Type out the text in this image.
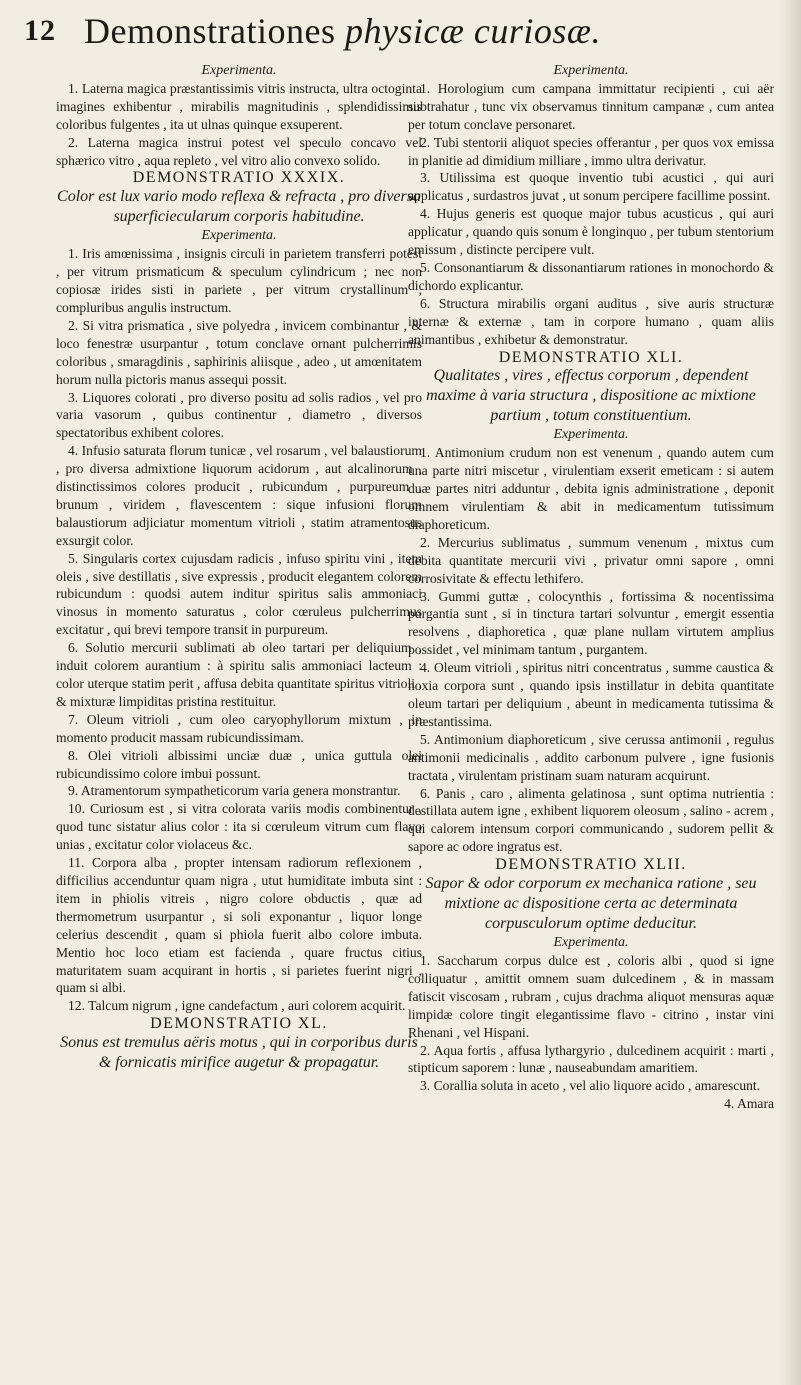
12 Demonstrationes physicæ curiosæ.

Experimenta.

1. Laterna magica præstantissimis vitris instructa, ultra octoginta imagines exhibentur , mirabilis magnitudinis , splendidissimis coloribus fulgentes , ita ut ulnas quinque exsuperent.

2. Laterna magica instrui potest vel speculo concavo vel sphærico vitro , aqua repleto , vel vitro alio convexo solido.

DEMONSTRATIO XXXIX.

Color est lux vario modo reflexa & refracta , pro diversa superficiecularum corporis habitudine.

Experimenta.

1. Iris amœnissima , insignis circuli in parietem transferri potest , per vitrum prismaticum & speculum cylindricum ; nec non copiosæ irides sisti in pariete , per vitrum crystallinum , compluribus angulis instructum.

2. Si vitra prismatica , sive polyedra , invicem combinantur , & loco fenestræ usurpantur , totum conclave ornant pulcherrimis coloribus , smaragdinis , saphirinis aliisque , adeo , ut amœnitatem horum nulla pictoris manus assequi possit.

3. Liquores colorati , pro diverso positu ad solis radios , vel pro varia vasorum , quibus continentur , diametro , diversos spectatoribus exhibent colores.

4. Infusio saturata florum tunicæ , vel rosarum , vel balaustiorum , pro diversa admixtione liquorum acidorum , aut alcalinorum , distinctissimos colores producit , rubicundum , purpureum , brunum , viridem , flavescentem : sique infusioni florum balaustiorum adjiciatur momentum vitrioli , statim atramentosus exsurgit color.

5. Singularis cortex cujusdam radicis , infuso spiritu vini , item oleis , sive destillatis , sive expressis , producit elegantem colorem rubicundum : quodsi autem inditur spiritus salis ammoniaci vinosus in momento saturatus , color cœruleus pulcherrimus excitatur , qui brevi tempore transit in purpureum.

6. Solutio mercurii sublimati ab oleo tartari per deliquium , induit colorem aurantium : à spiritu salis ammoniaci lacteum : color uterque statim perit , affusa debita quantitate spiritus vitrioli , & mixturæ limpiditas pristina restituitur.

7. Oleum vitrioli , cum oleo caryophyllorum mixtum , in momento producit massam rubicundissimam.

8. Olei vitrioli albissimi unciæ duæ , unica guttula olei rubicundissimo colore imbui possunt.

9. Atramentorum sympatheticorum varia genera monstrantur.

10. Curiosum est , si vitra colorata variis modis combinentur , quod tunc sistatur alius color : ita si cœruleum vitrum cum flavo unias , excitatur color violaceus &c.

11. Corpora alba , propter intensam radiorum reflexionem , difficilius accenduntur quam nigra , utut humiditate imbuta sint : item in phiolis vitreis , nigro colore obductis , quæ ad thermometrum usurpantur , si soli exponantur , liquor longe celerius descendit , quam si phiola fuerit albo colore imbuta. Mentio hoc loco etiam est facienda , quare fructus citius maturitatem suam acquirant in hortis , si parietes fuerint nigri , quam si albi.

12. Talcum nigrum , igne candefactum , auri colorem acquirit.

DEMONSTRATIO XL.

Sonus est tremulus aëris motus , qui in corporibus duris & fornicatis mirifice augetur & propagatur.

Experimenta.

1. Horologium cum campana immittatur recipienti , cui aër subtrahatur , tunc vix observamus tinnitum campanæ , cum antea per totum conclave personaret.

2. Tubi stentorii aliquot species offerantur , per quos vox emissa in planitie ad dimidium milliare , immo ultra derivatur.

3. Utilissima est quoque inventio tubi acustici , qui auri applicatus , surdastros juvat , ut sonum percipere facillime possint.

4. Hujus generis est quoque major tubus acusticus , qui auri applicatur , quando quis sonum è longinquo , per tubum stentorium emissum , distincte percipere vult.

5. Consonantiarum & dissonantiarum rationes in monochordo & dichordo explicantur.

6. Structura mirabilis organi auditus , sive auris structuræ internæ & externæ , tam in corpore humano , quam aliis animantibus , exhibetur & demonstratur.

DEMONSTRATIO XLI.

Qualitates , vires , effectus corporum , dependent maxime à varia structura , dispositione ac mixtione partium , totum constituentium.

Experimenta.

1. Antimonium crudum non est venenum , quando autem cum una parte nitri miscetur , virulentiam exserit emeticam : si autem duæ partes nitri adduntur , debita ignis administratione , deponit omnem virulentiam & abit in medicamentum tutissimum diaphoreticum.

2. Mercurius sublimatus , summum venenum , mixtus cum debita quantitate mercurii vivi , privatur omni sapore , omni corrosivitate & effectu lethifero.

3. Gummi guttæ , colocynthis , fortissima & nocentissima purgantia sunt , si in tinctura tartari solvuntur , emergit essentia resolvens , diaphoretica , quæ plane nullam virtutem amplius possidet , vel minimam tantum , purgantem.

4. Oleum vitrioli , spiritus nitri concentratus , summe caustica & noxia corpora sunt , quando ipsis instillatur in debita quantitate oleum tartari per deliquium , abeunt in medicamenta tutissima & præstantissima.

5. Antimonium diaphoreticum , sive cerussa antimonii , regulus antimonii medicinalis , addito carbonum pulvere , igne fusionis tractata , virulentam pristinam suam naturam acquirunt.

6. Panis , caro , alimenta gelatinosa , sunt optima nutrientia : destillata autem igne , exhibent liquorem oleosum , salino - acrem , qui calorem intensum corpori communicando , sudorem pellit & sapore ac odore ingratus est.

DEMONSTRATIO XLII.

Sapor & odor corporum ex mechanica ratione , seu mixtione ac dispositione certa ac determinata corpusculorum optime deducitur.

Experimenta.

1. Saccharum corpus dulce est , coloris albi , quod si igne colliquatur , amittit omnem suam dulcedinem , & in massam fatiscit viscosam , rubram , cujus drachma aliquot mensuras aquæ limpidæ colore tingit elegantissime flavo - citrino , instar vini Rhenani , vel Hispani.

2. Aqua fortis , affusa lythargyrio , dulcedinem acquirit : marti , stipticum saporem : lunæ , nauseabundam amaritiem.

3. Corallia soluta in aceto , vel alio liquore acido , amarescunt.

4. Amara
